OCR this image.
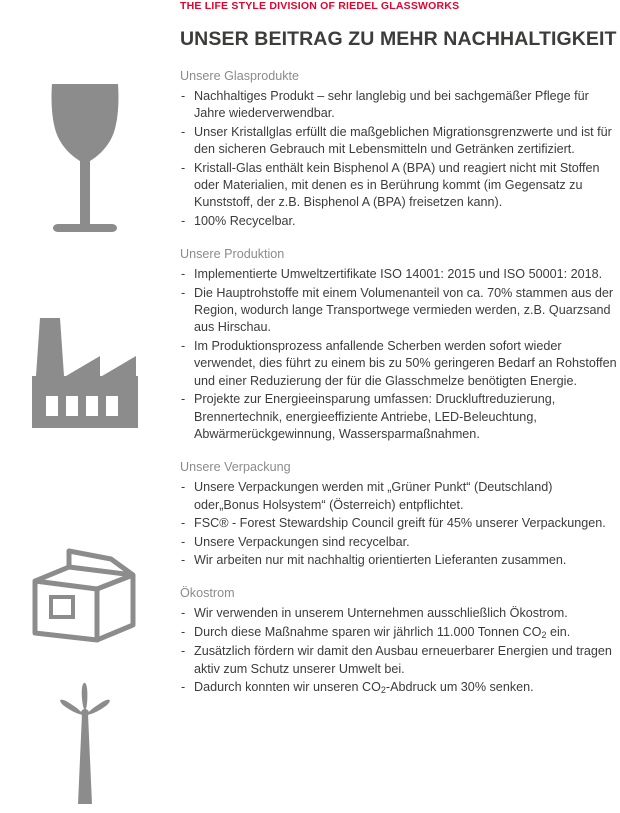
THE LIFE STYLE DIVISION OF RIEDEL GLASSWORKS

UNSER BEITRAG ZU MEHR NACHHALTIGKEIT
Unsere Glasprodukte
- Nachhaltiges Produkt – sehr langlebig und bei sachgemäßer Pflege für Jahre wiederverwendbar.
- Unser Kristallglas erfüllt die maßgeblichen Migrationsgrenzwerte und ist für den sicheren Gebrauch mit Lebensmitteln und Getränken zertifiziert.
- Kristall-Glas enthält kein Bisphenol A (BPA) und reagiert nicht mit Stoffen oder Materialien, mit denen es in Berührung kommt (im Gegensatz zu Kunststoff, der z.B. Bisphenol A (BPA) freisetzen kann).
- 100% Recycelbar.
Unsere Produktion
- Implementierte Umweltzertifikate ISO 14001: 2015 und ISO 50001: 2018.
- Die Hauptrohstoffe mit einem Volumenanteil von ca. 70% stammen aus der Region, wodurch lange Transportwege vermieden werden, z.B. Quarzsand aus Hirschau.
- Im Produktionsprozess anfallende Scherben werden sofort wieder verwendet, dies führt zu einem bis zu 50% geringeren Bedarf an Rohstoffen und einer Reduzierung der für die Glasschmelze benötigten Energie.
- Projekte zur Energieeinsparung umfassen: Druckluftreduzierung, Brennertechnik, energieeffiziente Antriebe, LED-Beleuchtung, Abwärmerückgewinnung, Wassersparmaßnahmen.
Unsere Verpackung
- Unsere Verpackungen werden mit „Grüner Punkt“ (Deutschland) oder„Bonus Holsystem“ (Österreich) entpflichtet.
- FSC® - Forest Stewardship Council greift für 45% unserer Verpackungen.
- Unsere Verpackungen sind recycelbar.
- Wir arbeiten nur mit nachhaltig orientierten Lieferanten zusammen.
Ökostrom
- Wir verwenden in unserem Unternehmen ausschließlich Ökostrom.
- Durch diese Maßnahme sparen wir jährlich 11.000 Tonnen $CO_2$ ein.
- Zusätzlich fördern wir damit den Ausbau erneuerbarer Energien und tragen aktiv zum Schutz unserer Umwelt bei.
- Dadurch konnten wir unseren $CO_2$-Abdruck um 30% senken.
